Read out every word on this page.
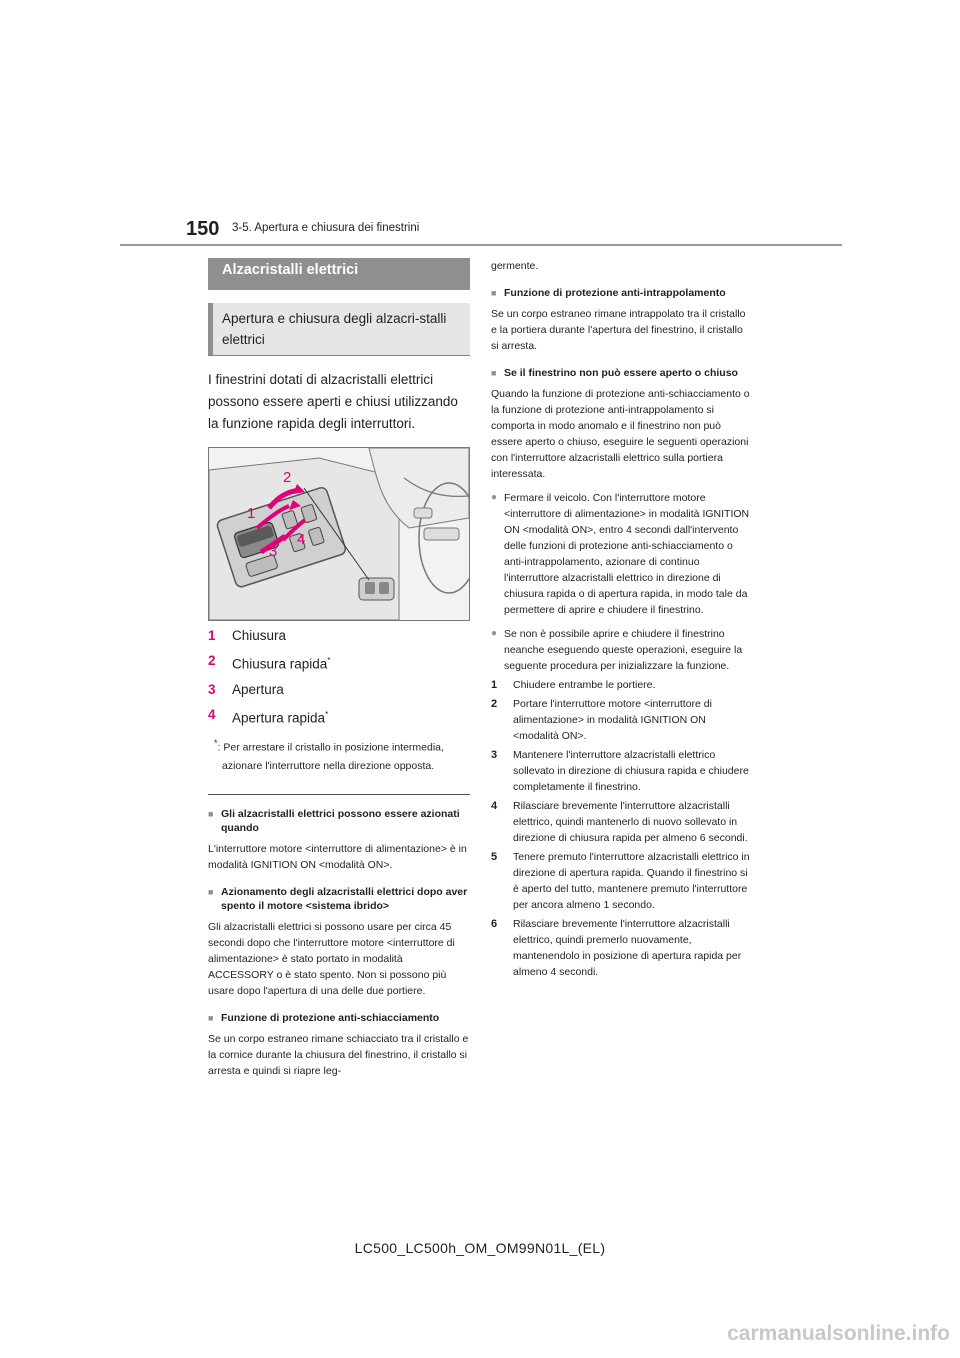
150 3-5. Apertura e chiusura dei finestrini
Alzacristalli elettrici
Apertura e chiusura degli alzacri-stalli elettrici
I finestrini dotati di alzacristalli elettrici possono essere aperti e chiusi utilizzando la funzione rapida degli interruttori.
1
2
3
4
1	Chiusura
2	Chiusura rapida*
3	Apertura
4	Apertura rapida*
*: Per arrestare il cristallo in posizione intermedia, azionare l'interruttore nella direzione opposta.
■ Gli alzacristalli elettrici possono essere azionati quando
L'interruttore motore <interruttore di alimentazione> è in modalità IGNITION ON <modalità ON>.
■ Azionamento degli alzacristalli elettrici dopo aver spento il motore <sistema ibrido>
Gli alzacristalli elettrici si possono usare per circa 45 secondi dopo che l'interruttore motore <interruttore di alimentazione> è stato portato in modalità ACCESSORY o è stato spento. Non si possono più usare dopo l'apertura di una delle due portiere.
■ Funzione di protezione anti-schiacciamento
Se un corpo estraneo rimane schiacciato tra il cristallo e la cornice durante la chiusura del finestrino, il cristallo si arresta e quindi si riapre leg-
germente.
■ Funzione di protezione anti-intrappolamento
Se un corpo estraneo rimane intrappolato tra il cristallo e la portiera durante l'apertura del finestrino, il cristallo si arresta.
■ Se il finestrino non può essere aperto o chiuso
Quando la funzione di protezione anti-schiacciamento o la funzione di protezione anti-intrappolamento si comporta in modo anomalo e il finestrino non può essere aperto o chiuso, eseguire le seguenti operazioni con l'interruttore alzacristalli elettrico sulla portiera interessata.
● Fermare il veicolo. Con l'interruttore motore <interruttore di alimentazione> in modalità IGNITION ON <modalità ON>, entro 4 secondi dall'intervento delle funzioni di protezione anti-schiacciamento o anti-intrappolamento, azionare di continuo l'interruttore alzacristalli elettrico in direzione di chiusura rapida o di apertura rapida, in modo tale da permettere di aprire e chiudere il finestrino.
● Se non è possibile aprire e chiudere il finestrino neanche eseguendo queste operazioni, eseguire la seguente procedura per inizializzare la funzione.
1 Chiudere entrambe le portiere.
2 Portare l'interruttore motore <interruttore di alimentazione> in modalità IGNITION ON <modalità ON>.
3 Mantenere l'interruttore alzacristalli elettrico sollevato in direzione di chiusura rapida e chiudere completamente il finestrino.
4 Rilasciare brevemente l'interruttore alzacristalli elettrico, quindi mantenerlo di nuovo sollevato in direzione di chiusura rapida per almeno 6 secondi.
5 Tenere premuto l'interruttore alzacristalli elettrico in direzione di apertura rapida. Quando il finestrino si è aperto del tutto, mantenere premuto l'interruttore per ancora almeno 1 secondo.
6 Rilasciare brevemente l'interruttore alzacristalli elettrico, quindi premerlo nuovamente, mantenendolo in posizione di apertura rapida per almeno 4 secondi.
LC500_LC500h_OM_OM99N01L_(EL)
carmanualsonline.info
